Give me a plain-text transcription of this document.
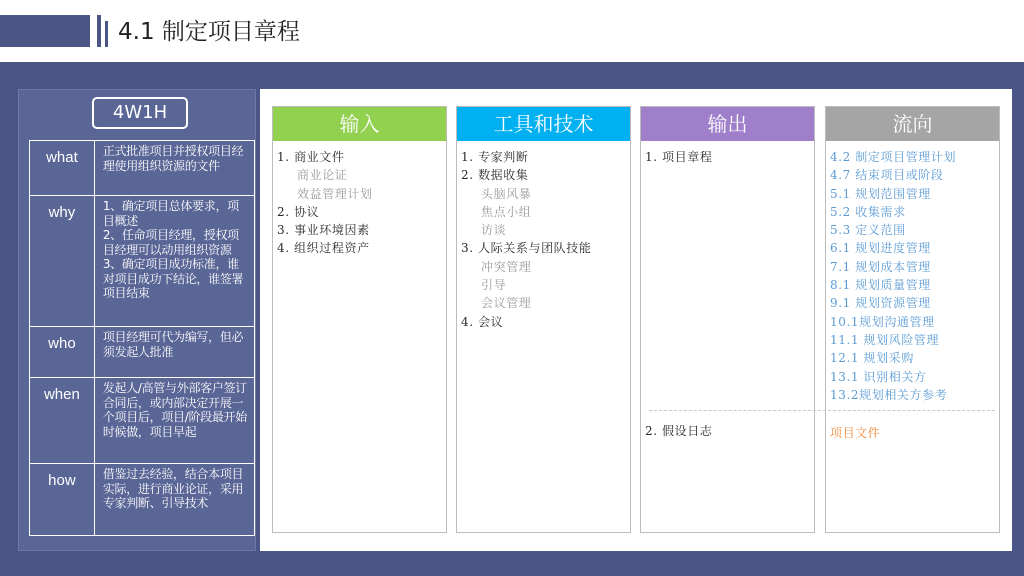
4.1 制定项目章程
4W1H
what	正式批准项目并授权项目经理使用组织资源的文件
why	1、确定项目总体要求，项目概述
2、任命项目经理，授权项目经理可以动用组织资源
3、确定项目成功标准，谁对项目成功下结论，谁签署项目结束
who	项目经理可代为编写，但必须发起人批准
when	发起人/高管与外部客户签订合同后，或内部决定开展一个项目后，项目/阶段最开始时候做，项目早起
how	借鉴过去经验，结合本项目实际，进行商业论证，采用专家判断、引导技术
输入
1. 商业文件
商业论证
效益管理计划
2. 协议
3. 事业环境因素
4. 组织过程资产
工具和技术
1. 专家判断
2. 数据收集
头脑风暴
焦点小组
访谈
3. 人际关系与团队技能
冲突管理
引导
会议管理
4. 会议
输出
1. 项目章程
2. 假设日志
流向
4.2 制定项目管理计划
4.7 结束项目或阶段
5.1 规划范围管理
5.2 收集需求
5.3 定义范围
6.1 规划进度管理
7.1 规划成本管理
8.1 规划质量管理
9.1 规划资源管理
10.1规划沟通管理
11.1 规划风险管理
12.1 规划采购
13.1 识别相关方
13.2规划相关方参考
项目文件
